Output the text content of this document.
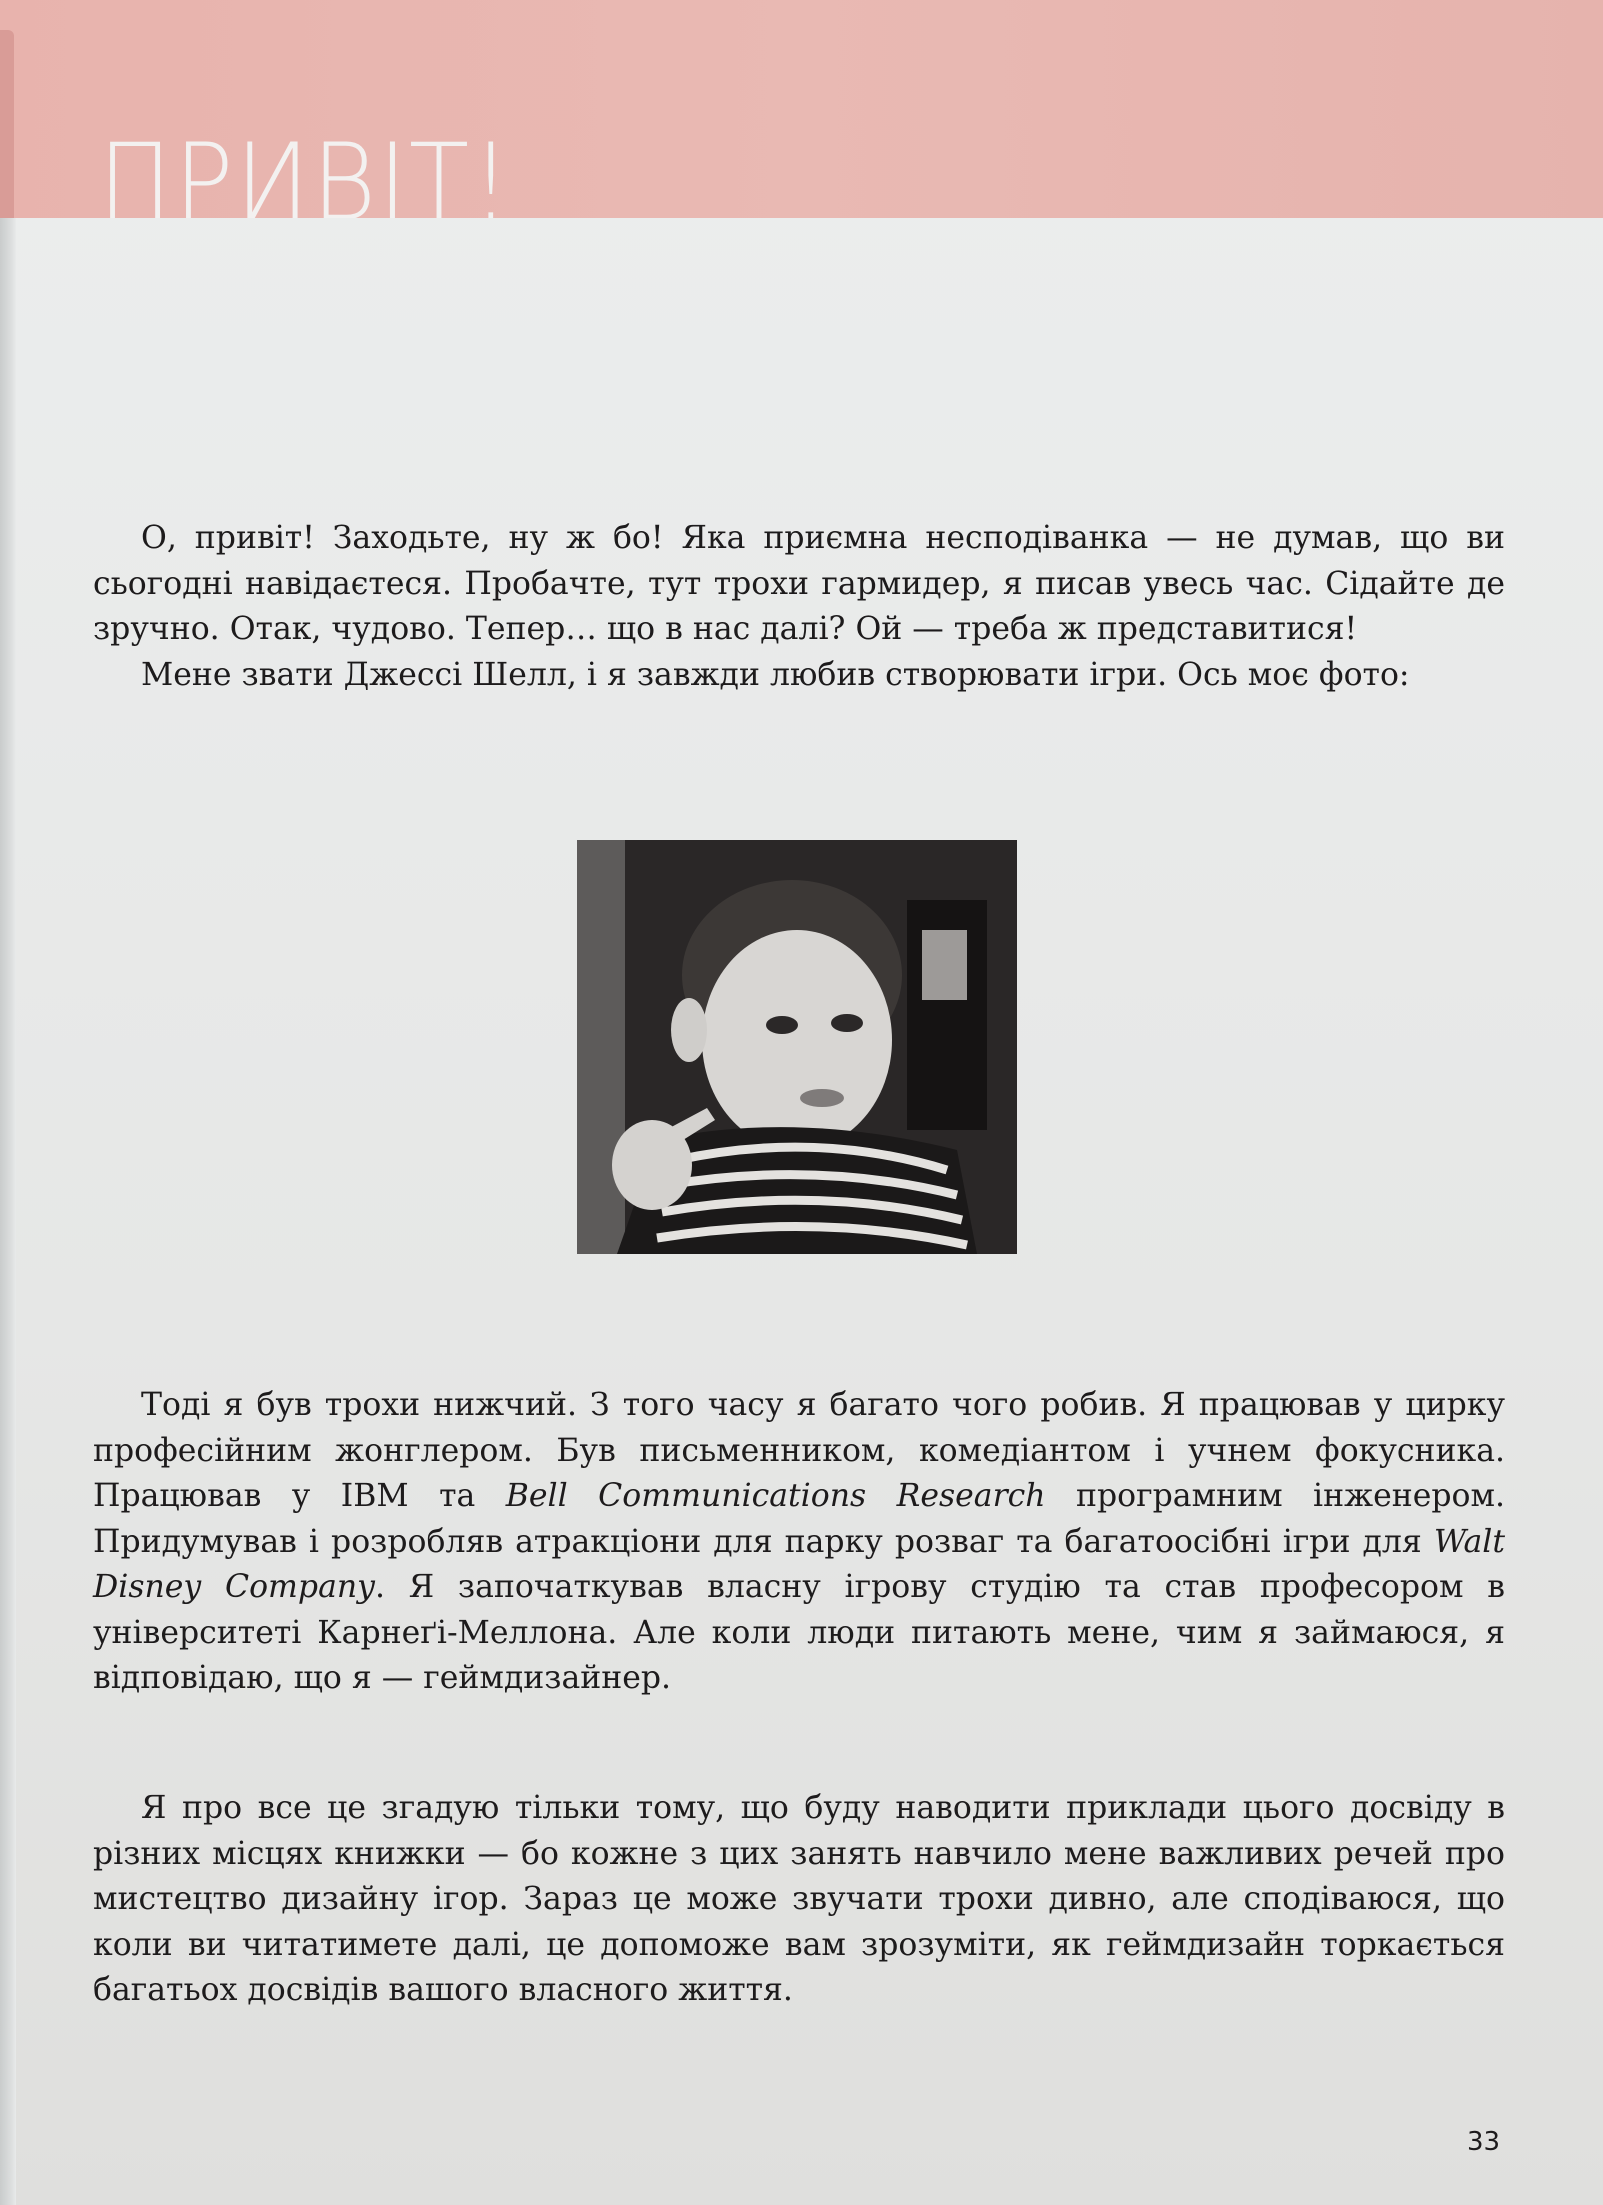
ПРИВІТ!

О, привіт! Заходьте, ну ж бо! Яка приємна несподіванка — не думав, що ви сьогодні навідаєтеся. Пробачте, тут трохи гармидер, я писав увесь час. Сідайте де зручно. Отак, чудово. Тепер… що в нас далі? Ой — треба ж представитися!

Мене звати Джессі Шелл, і я завжди любив створювати ігри. Ось моє фото:

Тоді я був трохи нижчий. З того часу я багато чого робив. Я працював у цирку професійним жонглером. Був письменником, комедіантом і учнем фокусника. Працював у IBM та Bell Communications Research програмним інженером. Придумував і розробляв атракціони для парку розваг та багатоосібні ігри для Walt Disney Company. Я започаткував власну ігрову студію та став професором в університеті Карнеґі-Меллона. Але коли люди питають мене, чим я займаюся, я відповідаю, що я — геймдизайнер.

Я про все це згадую тільки тому, що буду наводити приклади цього досвіду в різних місцях книжки — бо кожне з цих занять навчило мене важливих речей про мистецтво дизайну ігор. Зараз це може звучати трохи дивно, але сподіваюся, що коли ви читатимете далі, це допоможе вам зрозуміти, як геймдизайн торкається багатьох досвідів вашого власного життя.

33
